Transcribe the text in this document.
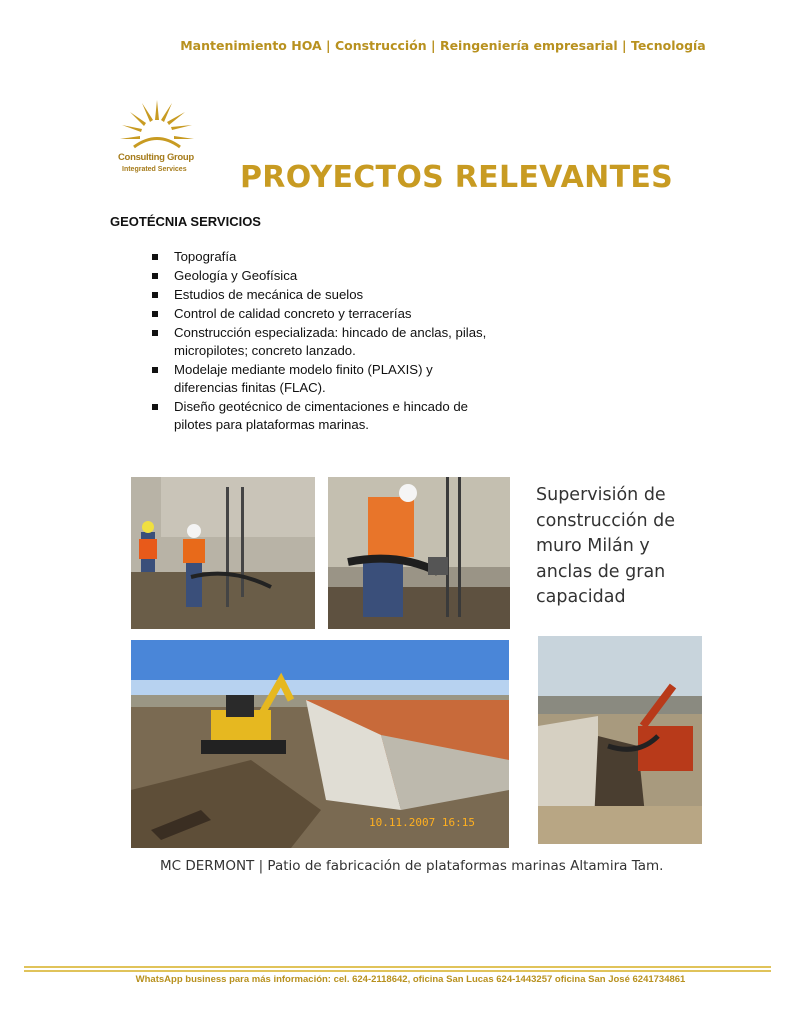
Mantenimiento HOA | Construcción | Reingeniería empresarial | Tecnología
Consulting Group
Integrated Services PROYECTOS RELEVANTES
GEOTÉCNIA SERVICIOS
Topografía
Geología y Geofísica
Estudios de mecánica de suelos
Control de calidad concreto y terracerías
Construcción especializada: hincado de anclas, pilas, micropilotes; concreto lanzado.
Modelaje mediante modelo finito (PLAXIS) y diferencias finitas (FLAC).
Diseño geotécnico de cimentaciones e hincado de pilotes para plataformas marinas.
Supervisión de construcción de muro Milán y anclas de gran capacidad
10.11.2007 16:15
MC DERMONT | Patio de fabricación de plataformas marinas Altamira Tam.
WhatsApp business para más información: cel. 624-2118642, oficina San Lucas 624-1443257 oficina San José 6241734861
